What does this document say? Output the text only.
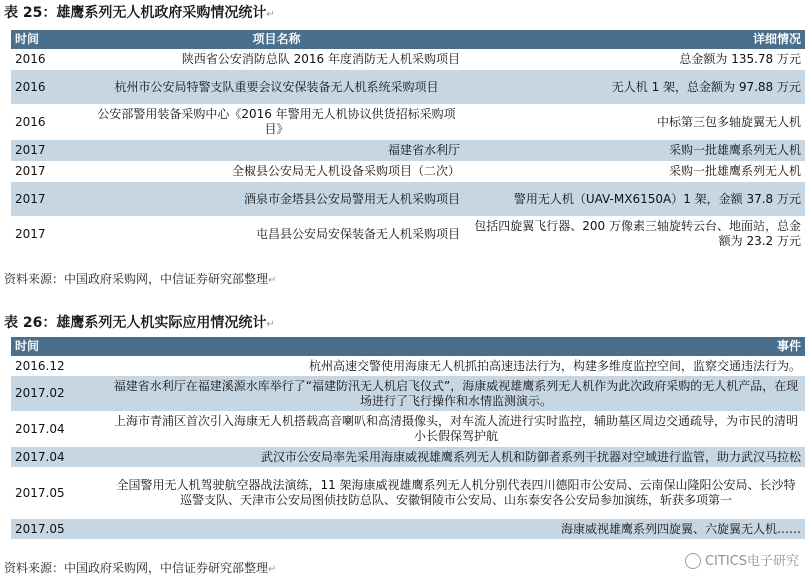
表 25：雄鹰系列无人机政府采购情况统计↵
时间	项目名称	详细情况
2016	陕西省公安消防总队 2016 年度消防无人机采购项目	总金额为 135.78 万元
2016	杭州市公安局特警支队重要会议安保装备无人机系统采购项目	无人机 1 架，总金额为 97.88 万元
2016	公安部警用装备采购中心《2016 年警用无人机协议供货招标采购项目》	中标第三包多轴旋翼无人机
2017	福建省水利厅	采购一批雄鹰系列无人机
2017	全椒县公安局无人机设备采购项目（二次）	采购一批雄鹰系列无人机
2017	酒泉市金塔县公安局警用无人机采购项目	警用无人机（UAV-MX6150A）1 架，金额 37.8 万元
2017	屯昌县公安局安保装备无人机采购项目	包括四旋翼飞行器、200 万像素三轴旋转云台、地面站，总金额为 23.2 万元
资料来源：中国政府采购网，中信证券研究部整理↵
表 26：雄鹰系列无人机实际应用情况统计↵
时间	事件
2016.12	杭州高速交警使用海康无人机抓拍高速违法行为，构建多维度监控空间，监察交通违法行为。
2017.02	福建省水利厅在福建溪源水库举行了“福建防汛无人机启飞仪式”，海康威视雄鹰系列无人机作为此次政府采购的无人机产品，在现场进行了飞行操作和水情监测演示。
2017.04	上海市青浦区首次引入海康无人机搭载高音喇叭和高清摄像头，对车流人流进行实时监控，辅助墓区周边交通疏导，为市民的清明小长假保驾护航
2017.04	武汉市公安局率先采用海康威视雄鹰系列无人机和防御者系列干扰器对空域进行监管，助力武汉马拉松
2017.05	全国警用无人机驾驶航空器战法演练，11 架海康威视雄鹰系列无人机分别代表四川德阳市公安局、云南保山隆阳公安局、长沙特巡警支队、天津市公安局图侦技防总队、安徽铜陵市公安局、山东泰安各公安局参加演练，斩获多项第一
2017.05	海康威视雄鹰系列四旋翼、六旋翼无人机……
资料来源：中国政府采购网，中信证券研究部整理↵
CITICS电子研究
